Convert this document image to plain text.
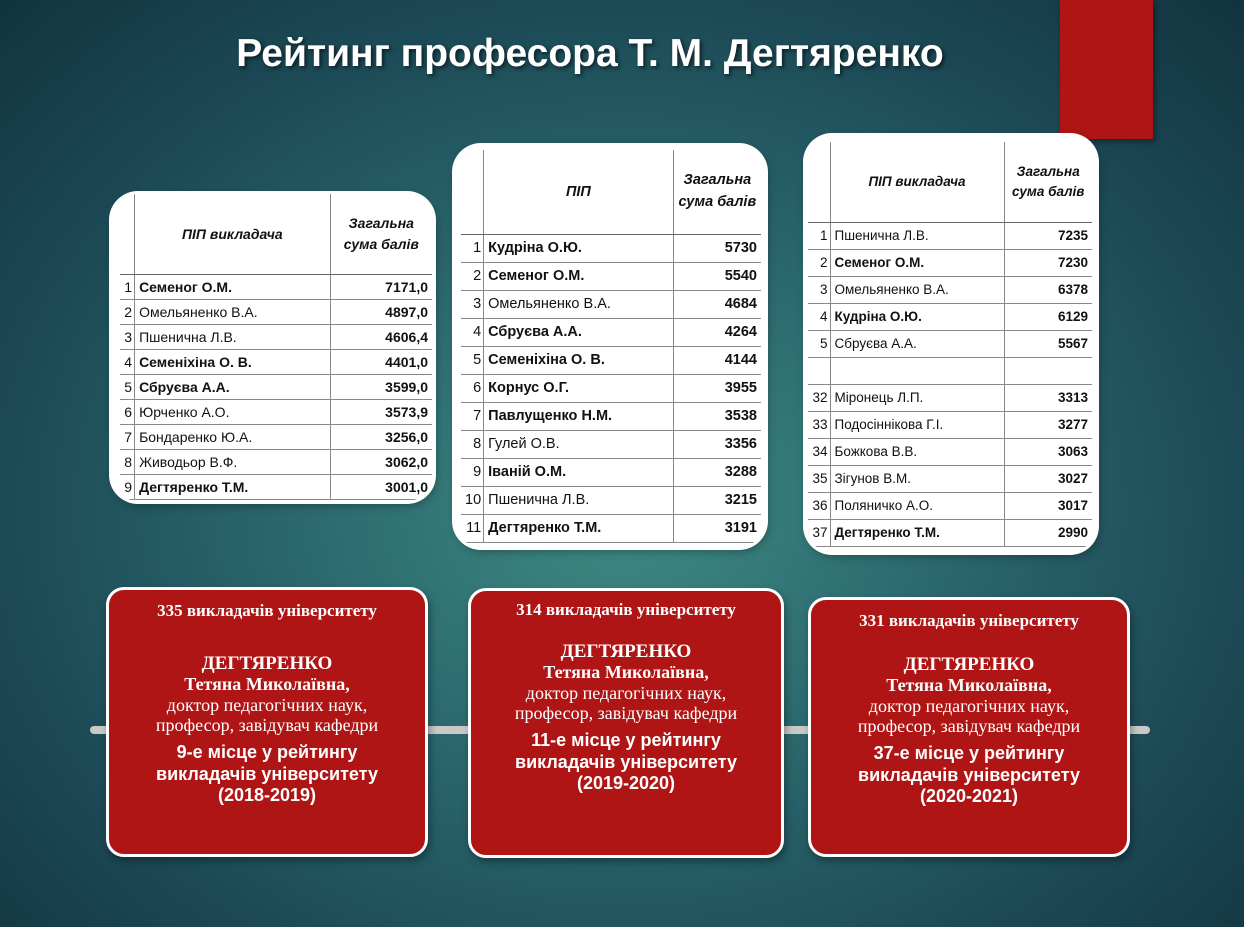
Рейтинг професора Т. М. Дегтяренко
	ПІП викладача	Загальна
сума балів
1	Семеног О.М.	7171,0
2	Омельяненко В.А.	4897,0
3	Пшенична Л.В.	4606,4
4	Семеніхіна О. В.	4401,0
5	Сбруєва А.А.	3599,0
6	Юрченко А.О.	3573,9
7	Бондаренко Ю.А.	3256,0
8	Живодьор В.Ф.	3062,0
9	Дегтяренко Т.М.	3001,0
	ПІП	Загальна
сума балів
1	Кудріна О.Ю.	5730
2	Семеног О.М.	5540
3	Омельяненко В.А.	4684
4	Сбруєва А.А.	4264
5	Семеніхіна О. В.	4144
6	Корнус О.Г.	3955
7	Павлущенко Н.М.	3538
8	Гулей О.В.	3356
9	Іваній О.М.	3288
10	Пшенична Л.В.	3215
11	Дегтяренко Т.М.	3191
	ПІП викладача	Загальна
сума балів
1	Пшенична Л.В.	7235
2	Семеног О.М.	7230
3	Омельяненко В.А.	6378
4	Кудріна О.Ю.	6129
5	Сбруєва А.А.	5567

32	Міронець Л.П.	3313
33	Подосіннікова Г.І.	3277
34	Божкова В.В.	3063
35	Зігунов В.М.	3027
36	Поляничко А.О.	3017
37	Дегтяренко Т.М.	2990
335 викладачів університету
ДЕГТЯРЕНКО
Тетяна Миколаївна,
доктор педагогічних наук,
професор, завідувач кафедри
9-е місце у рейтингу
викладачів університету
(2018-2019)
314 викладачів університету
ДЕГТЯРЕНКО
Тетяна Миколаївна,
доктор педагогічних наук,
професор, завідувач кафедри
11-е місце у рейтингу
викладачів університету
(2019-2020)
331 викладачів університету
ДЕГТЯРЕНКО
Тетяна Миколаївна,
доктор педагогічних наук,
професор, завідувач кафедри
37-е місце у рейтингу
викладачів університету
(2020-2021)
